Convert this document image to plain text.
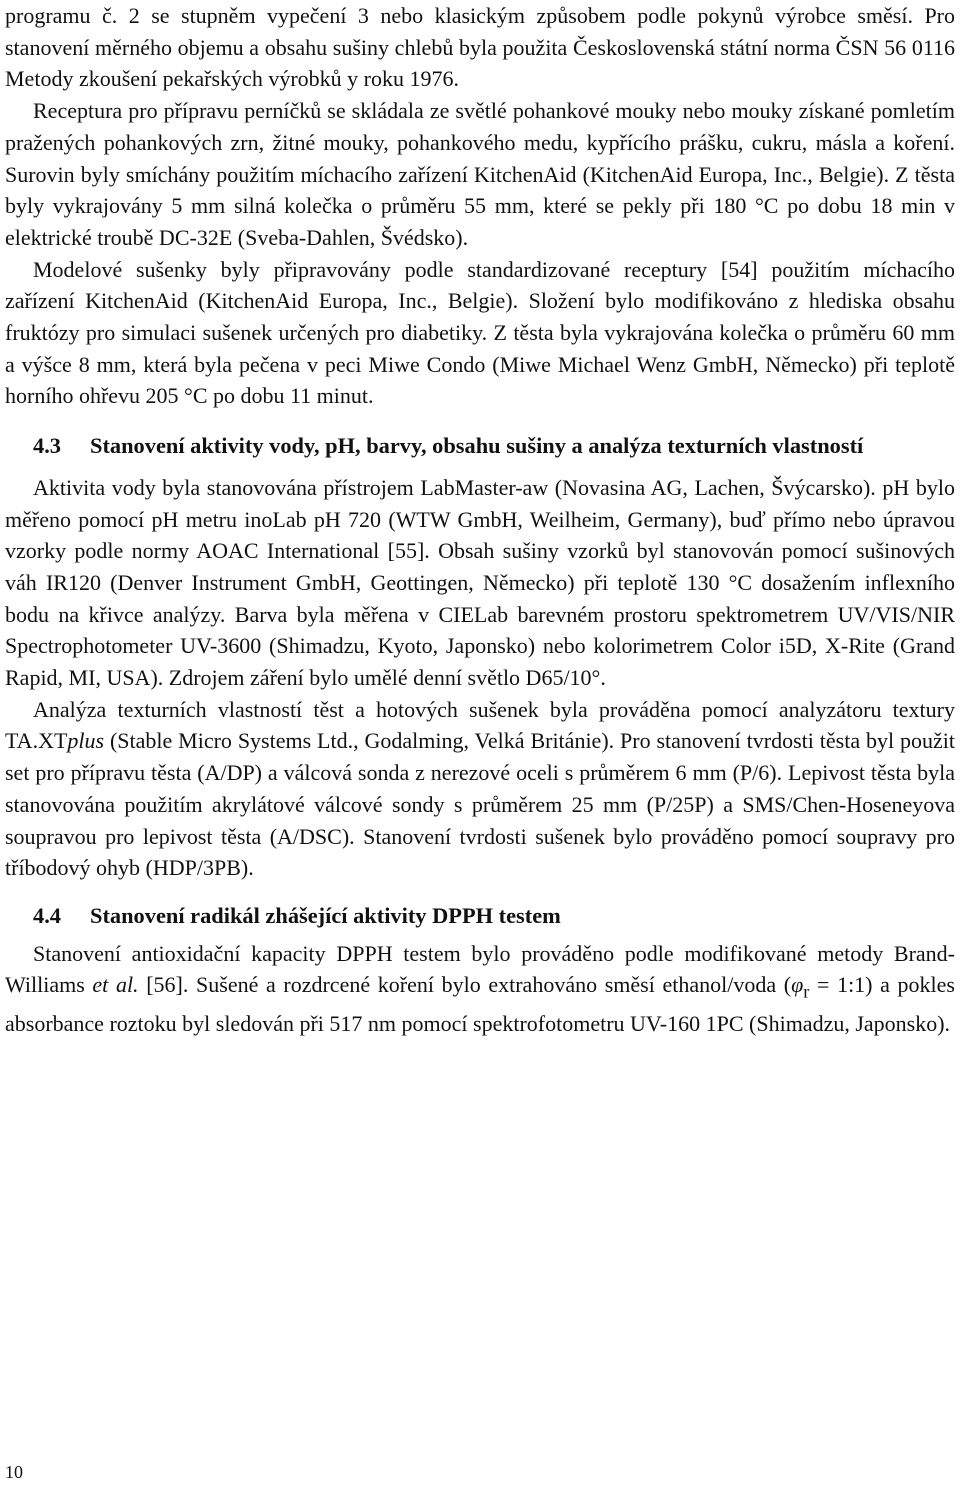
programu č. 2 se stupněm vypečení 3 nebo klasickým způsobem podle pokynů výrobce směsí. Pro stanovení měrného objemu a obsahu sušiny chlebů byla použita Československá státní norma ČSN 56 0116 Metody zkoušení pekařských výrobků y roku 1976.

Receptura pro přípravu perníčků se skládala ze světlé pohankové mouky nebo mouky získané pomletím pražených pohankových zrn, žitné mouky, pohankového medu, kypřícího prášku, cukru, másla a koření. Surovin byly smíchány použitím míchacího zařízení KitchenAid (KitchenAid Europa, Inc., Belgie). Z těsta byly vykrajovány 5 mm silná kolečka o průměru 55 mm, které se pekly při 180 °C po dobu 18 min v elektrické troubě DC-32E (Sveba-Dahlen, Švédsko).

Modelové sušenky byly připravovány podle standardizované receptury [54] použitím míchacího zařízení KitchenAid (KitchenAid Europa, Inc., Belgie). Složení bylo modifikováno z hlediska obsahu fruktózy pro simulaci sušenek určených pro diabetiky. Z těsta byla vykrajována kolečka o průměru 60 mm a výšce 8 mm, která byla pečena v peci Miwe Condo (Miwe Michael Wenz GmbH, Německo) při teplotě horního ohřevu 205 °C po dobu 11 minut.

4.3	Stanovení aktivity vody, pH, barvy, obsahu sušiny a analýza texturních vlastností

Aktivita vody byla stanovována přístrojem LabMaster-aw (Novasina AG, Lachen, Švýcarsko). pH bylo měřeno pomocí pH metru inoLab pH 720 (WTW GmbH, Weilheim, Germany), buď přímo nebo úpravou vzorky podle normy AOAC International [55]. Obsah sušiny vzorků byl stanovován pomocí sušinových váh IR120 (Denver Instrument GmbH, Geottingen, Německo) při teplotě 130 °C dosažením inflexního bodu na křivce analýzy. Barva byla měřena v CIELab barevném prostoru spektrometrem UV/VIS/NIR Spectrophotometer UV-3600 (Shimadzu, Kyoto, Japonsko) nebo kolorimetrem Color i5D, X-Rite (Grand Rapid, MI, USA). Zdrojem záření bylo umělé denní světlo D65/10°.

Analýza texturních vlastností těst a hotových sušenek byla prováděna pomocí analyzátoru textury TA.XTplus (Stable Micro Systems Ltd., Godalming, Velká Británie). Pro stanovení tvrdosti těsta byl použit set pro přípravu těsta (A/DP) a válcová sonda z nerezové oceli s průměrem 6 mm (P/6). Lepivost těsta byla stanovována použitím akrylátové válcové sondy s průměrem 25 mm (P/25P) a SMS/Chen-Hoseneyova soupravou pro lepivost těsta (A/DSC). Stanovení tvrdosti sušenek bylo prováděno pomocí soupravy pro tříbodový ohyb (HDP/3PB).

4.4	Stanovení radikál zhášející aktivity DPPH testem

Stanovení antioxidační kapacity DPPH testem bylo prováděno podle modifikované metody Brand-Williams et al. [56]. Sušené a rozdrcené koření bylo extrahováno směsí ethanol/voda ($\varphi_r$ = 1:1) a pokles absorbance roztoku byl sledován při 517 nm pomocí spektrofotometru UV-160 1PC (Shimadzu, Japonsko).

10
